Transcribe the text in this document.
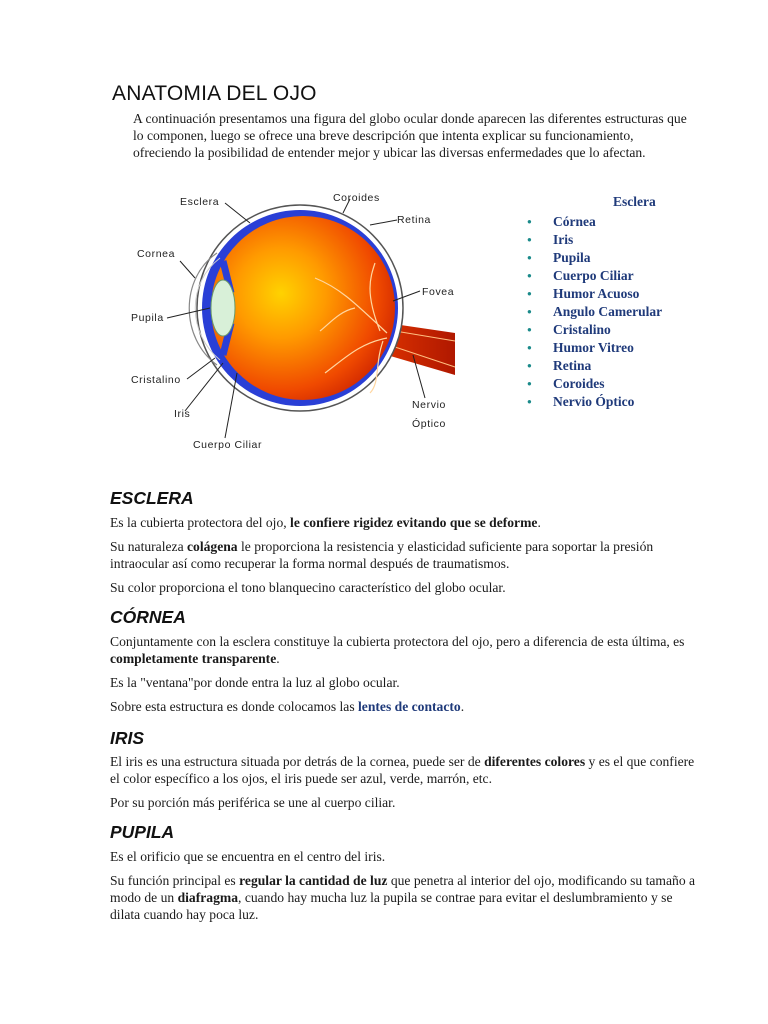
ANATOMIA DEL OJO
A continuación presentamos una figura del globo ocular donde aparecen las diferentes estructuras que lo componen, luego se ofrece una breve descripción que intenta explicar su funcionamiento, ofreciendo la posibilidad de entender mejor y ubicar las diversas enfermedades que lo afectan.
Esclera	Coroides
Retina
Cornea
Fovea
Pupila
Cristalino
Iris
Nervio
Óptico
Cuerpo Ciliar
Esclera
● Córnea
● Iris
● Pupila
● Cuerpo Ciliar
● Humor Acuoso
● Angulo Camerular
● Cristalino
● Humor Vitreo
● Retina
● Coroides
● Nervio Óptico
ESCLERA
Es la cubierta protectora del ojo, le confiere rigidez evitando que se deforme.
Su naturaleza colágena le proporciona la resistencia y elasticidad suficiente para soportar la presión intraocular así como recuperar la forma normal después de traumatismos.
Su color proporciona el tono blanquecino característico del globo ocular.
CÓRNEA
Conjuntamente con la esclera constituye la cubierta protectora del ojo, pero a diferencia de esta última, es completamente transparente.
Es la "ventana"por donde entra la luz al globo ocular.
Sobre esta estructura es donde colocamos las lentes de contacto.
IRIS
El iris es una estructura situada por detrás de la cornea, puede ser de diferentes colores y es el que confiere el color específico a los ojos, el iris puede ser azul, verde, marrón, etc.
Por su porción más periférica se une al cuerpo ciliar.
PUPILA
Es el orificio que se encuentra en el centro del iris.
Su función principal es regular la cantidad de luz que penetra al interior del ojo, modificando su tamaño a modo de un diafragma, cuando hay mucha luz la pupila se contrae para evitar el deslumbramiento y se dilata cuando hay poca luz.
